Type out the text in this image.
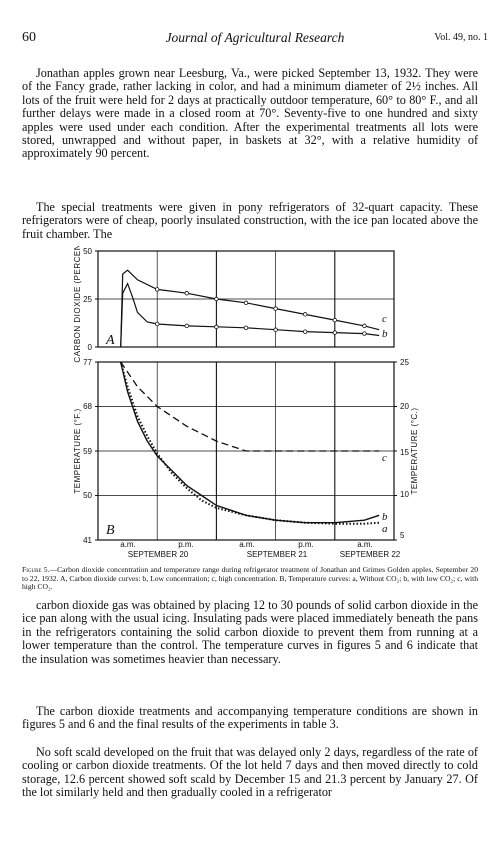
60	Journal of Agricultural Research	Vol. 49, no. 1

Jonathan apples grown near Leesburg, Va., were picked September 13, 1932. They were of the Fancy grade, rather lacking in color, and had a minimum diameter of 2½ inches. All lots of the fruit were held for 2 days at practically outdoor temperature, 60° to 80° F., and all further delays were made in a closed room at 70°. Seventy-five to one hundred and sixty apples were used under each condition. After the experimental treatments all lots were stored, unwrapped and without paper, in baskets at 32°, with a relative humidity of approximately 90 percent.

The special treatments were given in pony refrigerators of 32-quart capacity. These refrigerators were of cheap, poorly insulated construction, with the ice pan located above the fruit chamber. The

0
25
50
CARBON DIOXIDE (PERCENT) A
c
b
41
50
59
68
77
5
10
15
20
25
TEMPERATURE (°F.)	TEMPERATURE (°C.)
B
c
b
a
a.m.	p.m.	a.m.	p.m.	a.m.
SEPTEMBER 20	SEPTEMBER 21	SEPTEMBER 22

Figure 5.—Carbon dioxide concentration and temperature range during refrigerator treatment of Jonathan and Grimes Golden apples, September 20 to 22, 1932. A, Carbon dioxide curves: b, Low concentration; c, high concentration. B, Temperature curves: a, Without CO₂; b, with low CO₂; c, with high CO₂.

carbon dioxide gas was obtained by placing 12 to 30 pounds of solid carbon dioxide in the ice pan along with the usual icing. Insulating pads were placed immediately beneath the pans in the refrigerators containing the solid carbon dioxide to prevent them from running at a lower temperature than the control. The temperature curves in figures 5 and 6 indicate that the insulation was sometimes heavier than necessary.

The carbon dioxide treatments and accompanying temperature conditions are shown in figures 5 and 6 and the final results of the experiments in table 3.

No soft scald developed on the fruit that was delayed only 2 days, regardless of the rate of cooling or carbon dioxide treatments. Of the lot held 7 days and then moved directly to cold storage, 12.6 percent showed soft scald by December 15 and 21.3 percent by January 27. Of the lot similarly held and then gradually cooled in a refrigerator
